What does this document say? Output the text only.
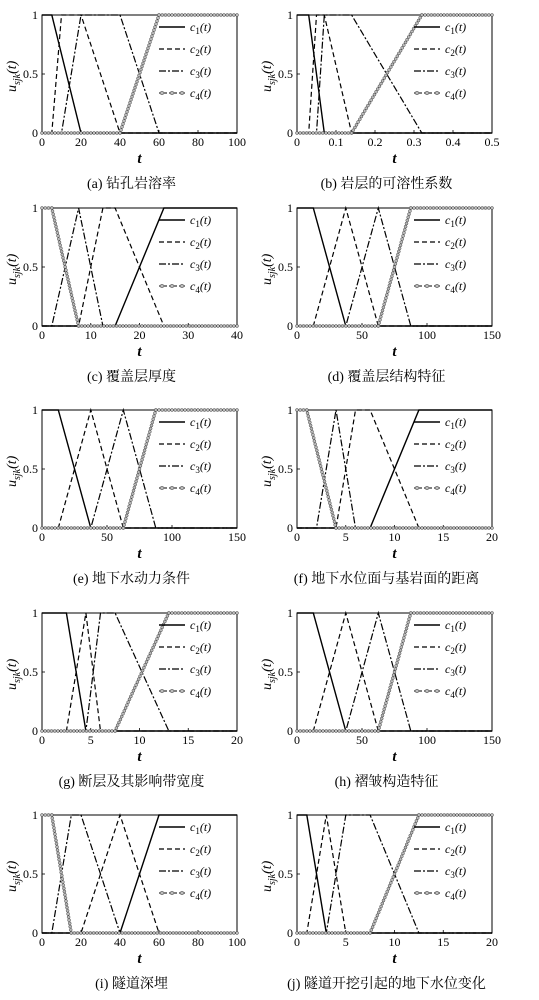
0	20 40 60 80 100
0
0.5
1
t
$u_{sjk}(t)$
$c_1(t)$
$c_2(t)$
$c_3(t)$
$c_4(t)$
(a) 钻孔岩溶率
0 0.1 0.2 0.3 0.4 0.5
0
0.5
1
t
$u_{sjk}(t)$
$c_1(t)$
$c_2(t)$
$c_3(t)$
$c_4(t)$
(b) 岩层的可溶性系数
0	10	20	30	40
0
0.5
1
t
$u_{sjk}(t)$
$c_1(t)$
$c_2(t)$
$c_3(t)$
$c_4(t)$
(c) 覆盖层厚度
0	50	100	150
0
0.5
1
t
$u_{sjk}(t)$
$c_1(t)$
$c_2(t)$
$c_3(t)$
$c_4(t)$
(d) 覆盖层结构特征
0	50	100	150
0
0.5
1
t
$u_{sjk}(t)$
$c_1(t)$
$c_2(t)$
$c_3(t)$
$c_4(t)$
(e) 地下水动力条件
0	5	10	15	20
0
0.5
1
t
$u_{sjk}(t)$
$c_1(t)$
$c_2(t)$
$c_3(t)$
$c_4(t)$
(f) 地下水位面与基岩面的距离
0	5	10	15	20
0
0.5
1
t
$u_{sjk}(t)$
$c_1(t)$
$c_2(t)$
$c_3(t)$
$c_4(t)$
(g) 断层及其影响带宽度
0	50	100	150
0
0.5
1
t
$u_{sjk}(t)$
$c_1(t)$
$c_2(t)$
$c_3(t)$
$c_4(t)$
(h) 褶皱构造特征
0	20 40 60 80 100
0
0.5
1
t
$u_{sjk}(t)$
$c_1(t)$
$c_2(t)$
$c_3(t)$
$c_4(t)$
(i) 隧道深埋
0	5	10	15	20
0
0.5
1
t
$u_{sjk}(t)$
$c_1(t)$
$c_2(t)$
$c_3(t)$
$c_4(t)$
(j) 隧道开挖引起的地下水位变化
